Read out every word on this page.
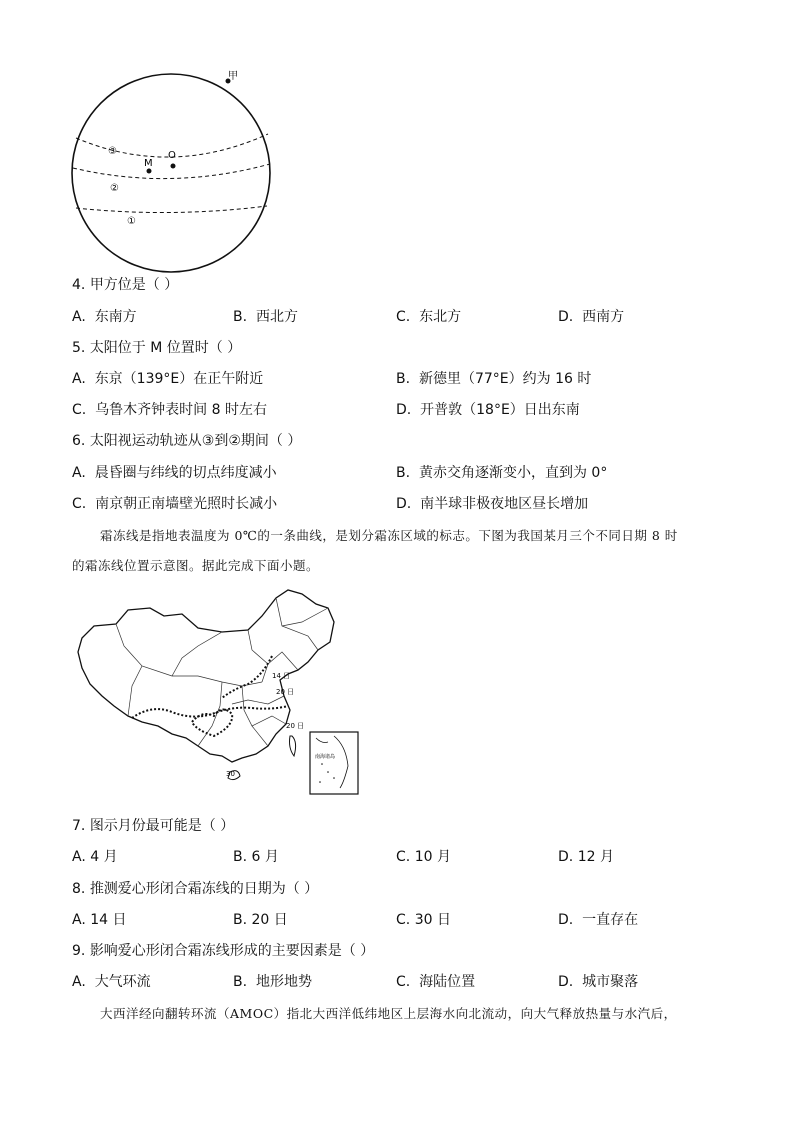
甲
O
M
③
②
①
4. 甲方位是（ ）
A. 东南方	B. 西北方	C. 东北方	D. 西南方
5. 太阳位于 M 位置时（ ）
A. 东京（139°E）在正午附近	B. 新德里（77°E）约为 16 时
C. 乌鲁木齐钟表时间 8 时左右	D. 开普敦（18°E）日出东南
6. 太阳视运动轨迹从③到②期间（ ）
A. 晨昏圈与纬线的切点纬度减小	B. 黄赤交角逐渐变小，直到为 0°
C. 南京朝正南墙壁光照时长减小	D. 南半球非极夜地区昼长增加
霜冻线是指地表温度为 0℃的一条曲线，是划分霜冻区域的标志。下图为我国某月三个不同日期 8 时
的霜冻线位置示意图。据此完成下面小题。
14 日
20 日
20 日
30
南海诸岛
7. 图示月份最可能是（ ）
A. 4 月	B. 6 月	C. 10 月	D. 12 月
8. 推测爱心形闭合霜冻线的日期为（ ）
A. 14 日	B. 20 日	C. 30 日	D. 一直存在
9. 影响爱心形闭合霜冻线形成的主要因素是（ ）
A. 大气环流	B. 地形地势	C. 海陆位置	D. 城市聚落
大西洋经向翻转环流（AMOC）指北大西洋低纬地区上层海水向北流动，向大气释放热量与水汽后，
